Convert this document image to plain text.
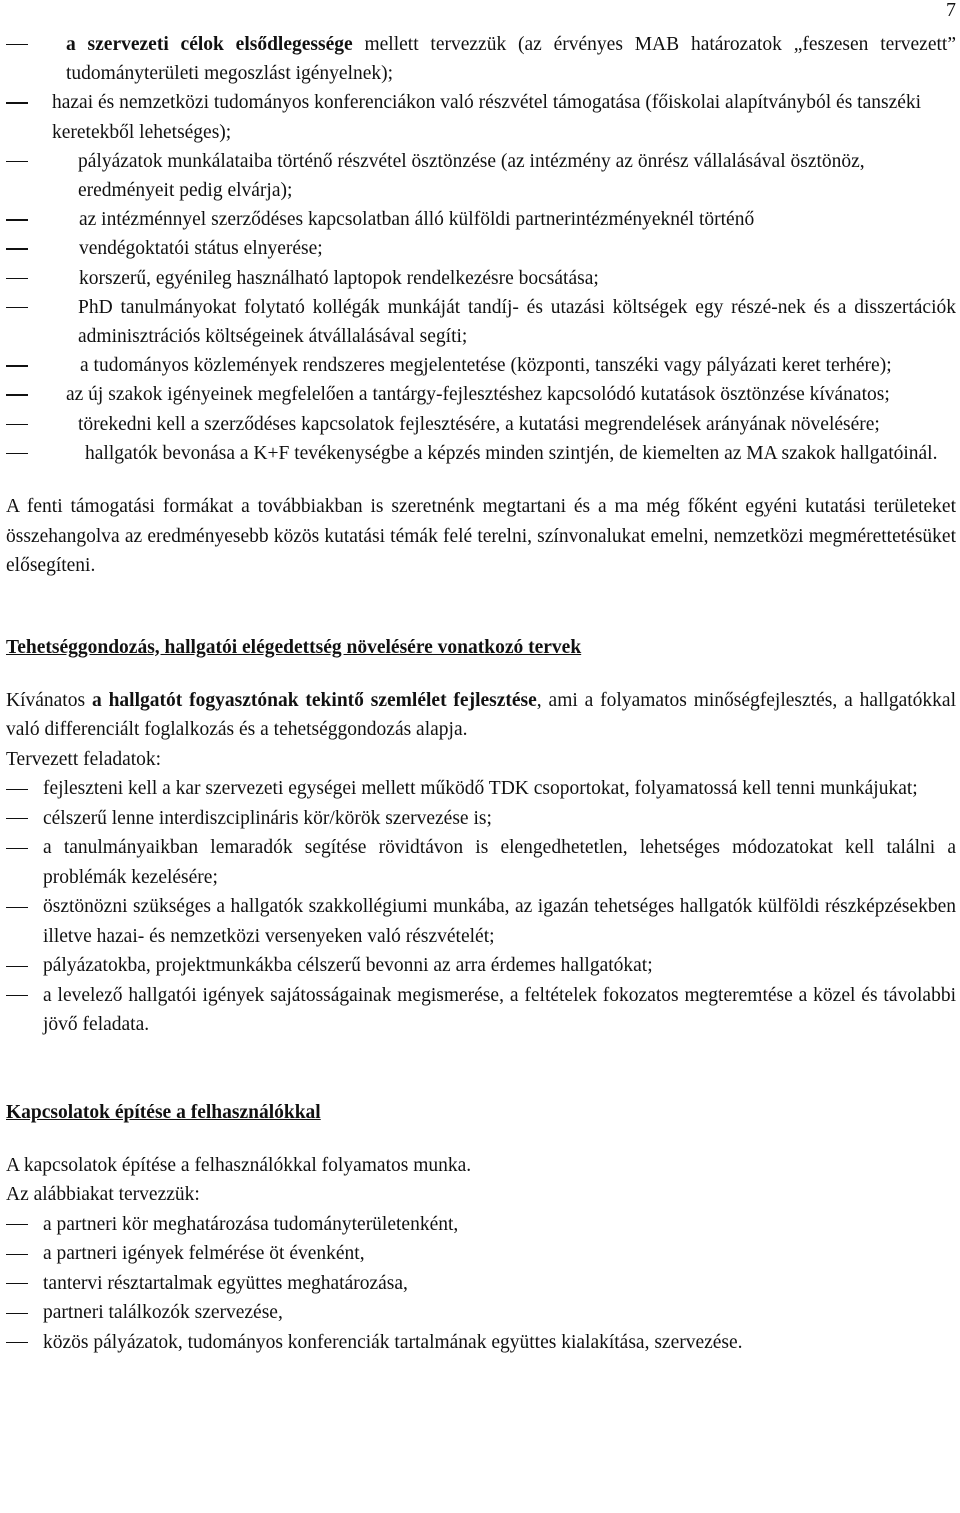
7
a szervezeti célok elsődlegessége mellett tervezzük (az érvényes MAB határozatok „feszesen tervezett” tudományterületi megoszlást igényelnek);
hazai és nemzetközi tudományos konferenciákon való részvétel támogatása (főiskolai alapítványból és tanszéki keretekből lehetséges);
pályázatok munkálataiba történő részvétel ösztönzése (az intézmény az önrész vállalásával ösztönöz, eredményeit pedig elvárja);
az intézménnyel szerződéses kapcsolatban álló külföldi partnerintézményeknél történő
vendégoktatói státus elnyerése;
korszerű, egyénileg használható laptopok rendelkezésre bocsátása;
PhD tanulmányokat folytató kollégák munkáját tandíj- és utazási költségek egy részé-nek és a disszertációk adminisztrációs költségeinek átvállalásával segíti;
a tudományos közlemények rendszeres megjelentetése (központi, tanszéki vagy pályázati keret terhére);
az új szakok igényeinek megfelelően a tantárgy-fejlesztéshez kapcsolódó kutatások ösztönzése kívánatos;
törekedni kell a szerződéses kapcsolatok fejlesztésére, a kutatási megrendelések arányának növelésére;
hallgatók bevonása a K+F tevékenységbe a képzés minden szintjén, de kiemelten az MA szakok hallgatóinál.

A fenti támogatási formákat a továbbiakban is szeretnénk megtartani és a ma még főként egyéni kutatási területeket összehangolva az eredményesebb közös kutatási témák felé terelni, színvonalukat emelni, nemzetközi megmérettetésüket elősegíteni.

Tehetséggondozás, hallgatói elégedettség növelésére vonatkozó tervek

Kívánatos a hallgatót fogyasztónak tekintő szemlélet fejlesztése, ami a folyamatos minőségfejlesztés, a hallgatókkal való differenciált foglalkozás és a tehetséggondozás alapja.

Tervezett feladatok:

fejleszteni kell a kar szervezeti egységei mellett működő TDK csoportokat, folyamatossá kell tenni munkájukat;
célszerű lenne interdiszciplináris kör/körök szervezése is;
a tanulmányaikban lemaradók segítése rövidtávon is elengedhetetlen, lehetséges módozatokat kell találni a problémák kezelésére;
ösztönözni szükséges a hallgatók szakkollégiumi munkába, az igazán tehetséges hallgatók külföldi részképzésekben illetve hazai- és nemzetközi versenyeken való részvételét;
pályázatokba, projektmunkákba célszerű bevonni az arra érdemes hallgatókat;
a levelező hallgatói igények sajátosságainak megismerése, a feltételek fokozatos megteremtése a közel és távolabbi jövő feladata.
Kapcsolatok építése a felhasználókkal

A kapcsolatok építése a felhasználókkal folyamatos munka.

Az alábbiakat tervezzük:

a partneri kör meghatározása tudományterületenként,
a partneri igények felmérése öt évenként,
tantervi résztartalmak együttes meghatározása,
partneri találkozók szervezése,
közös pályázatok, tudományos konferenciák tartalmának együttes kialakítása, szervezése.
